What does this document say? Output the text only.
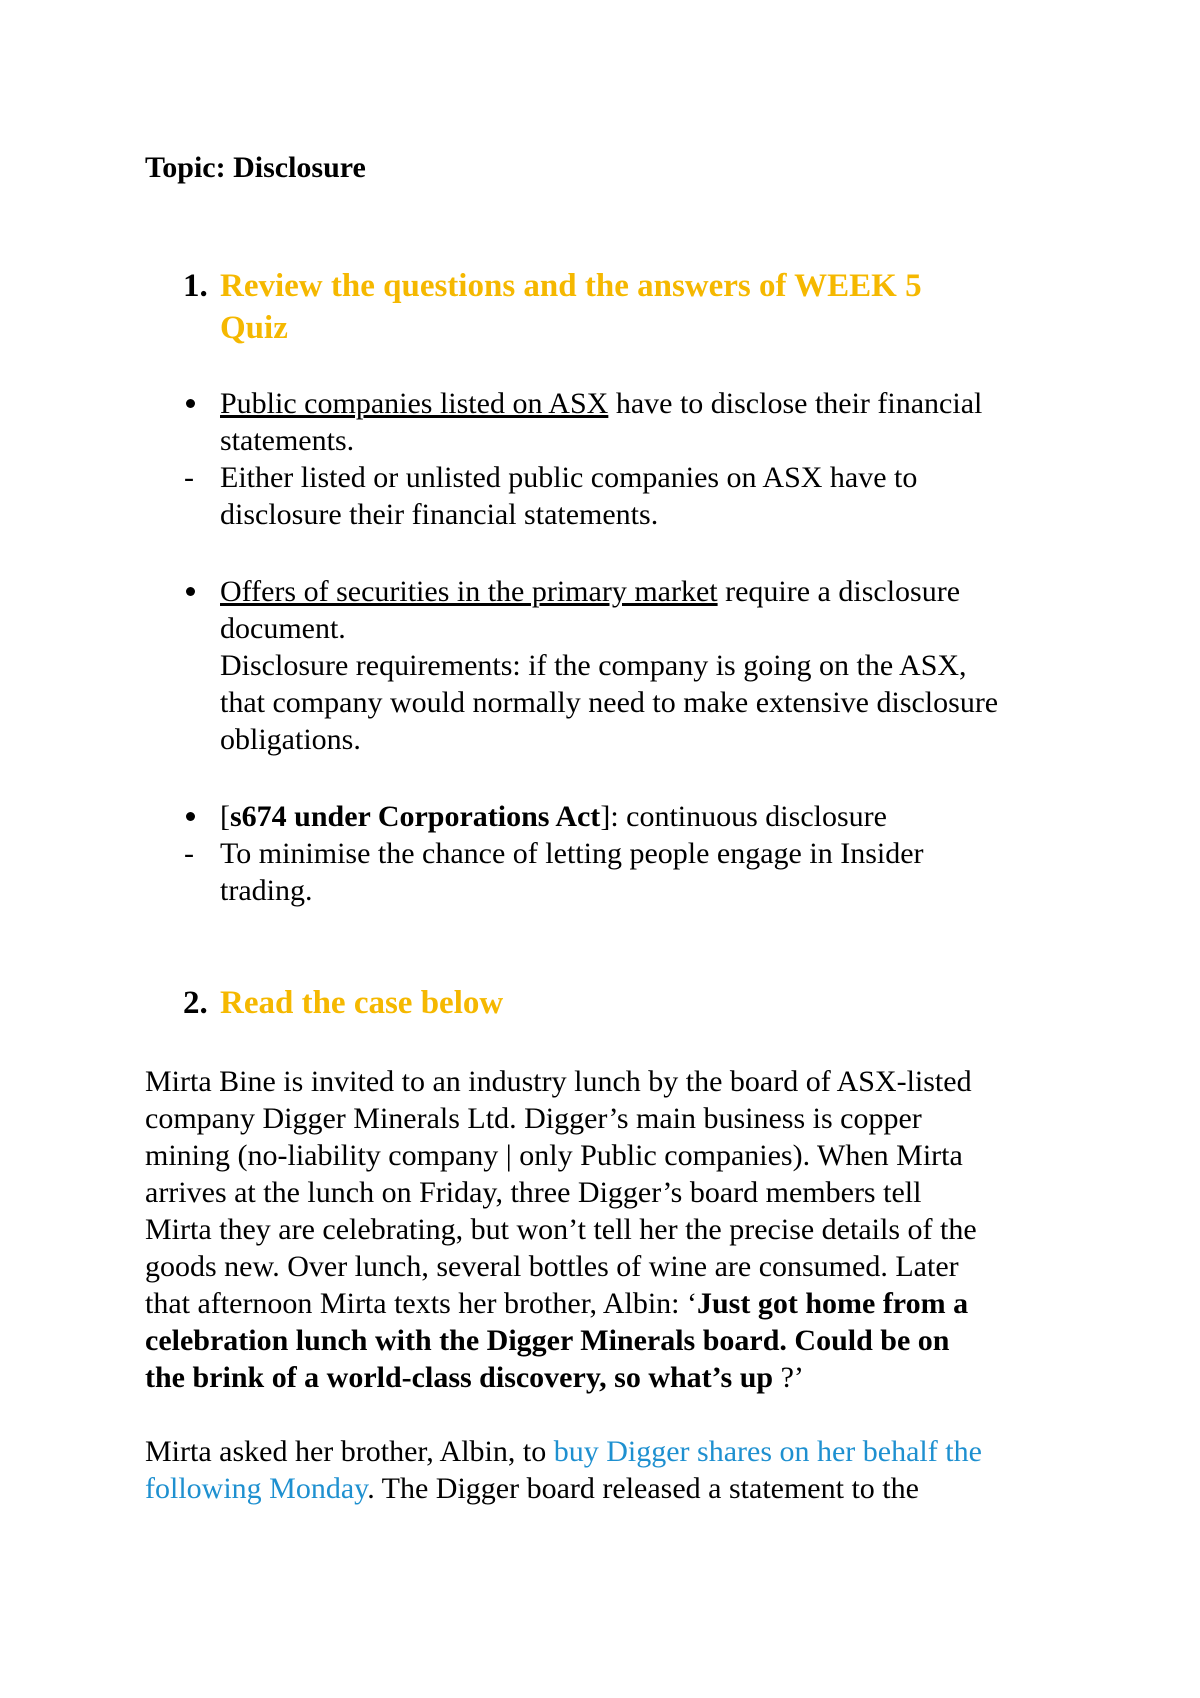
Topic: Disclosure
1. Review the questions and the answers of WEEK 5
Quiz
Public companies listed on ASX have to disclose their financial
statements.
- Either listed or unlisted public companies on ASX have to
disclosure their financial statements.
Offers of securities in the primary market require a disclosure
document.
Disclosure requirements: if the company is going on the ASX,
that company would normally need to make extensive disclosure
obligations.
[s674 under Corporations Act]: continuous disclosure
- To minimise the chance of letting people engage in Insider
trading.
2. Read the case below
Mirta Bine is invited to an industry lunch by the board of ASX-listed
company Digger Minerals Ltd. Digger’s main business is copper
mining (no-liability company | only Public companies). When Mirta
arrives at the lunch on Friday, three Digger’s board members tell
Mirta they are celebrating, but won’t tell her the precise details of the
goods new. Over lunch, several bottles of wine are consumed. Later
that afternoon Mirta texts her brother, Albin: ‘Just got home from a
celebration lunch with the Digger Minerals board. Could be on
the brink of a world-class discovery, so what’s up ?’
Mirta asked her brother, Albin, to buy Digger shares on her behalf the
following Monday. The Digger board released a statement to the
